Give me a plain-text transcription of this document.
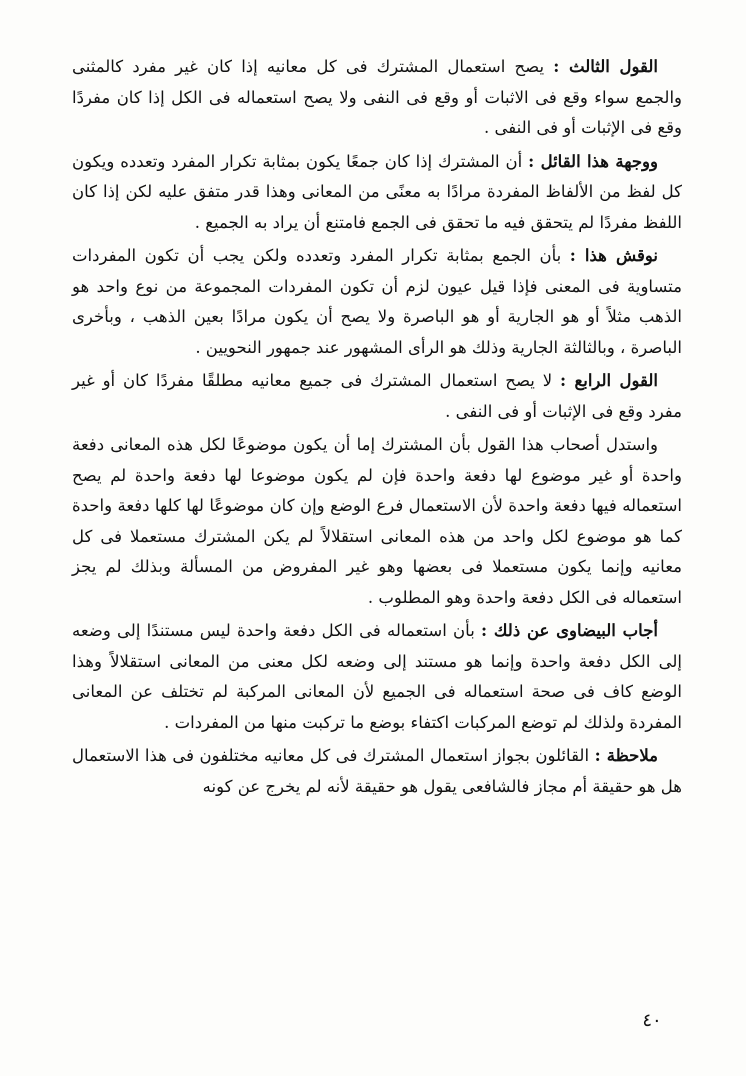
القول الثالث : يصح استعمال المشترك فى كل معانيه إذا كان غير مفرد كالمثنى والجمع سواء وقع فى الاثبات أو وقع فى النفى ولا يصح استعماله فى الكل إذا كان مفردًا وقع فى الإثبات أو فى النفى .

ووجهة هذا القائل : أن المشترك إذا كان جمعًا يكون بمثابة تكرار المفرد وتعدده ويكون كل لفظ من الألفاظ المفردة مرادًا به معنًى من المعانى وهذا قدر متفق عليه لكن إذا كان اللفظ مفردًا لم يتحقق فيه ما تحقق فى الجمع فامتنع أن يراد به الجميع .

نوقش هذا : بأن الجمع بمثابة تكرار المفرد وتعدده ولكن يجب أن تكون المفردات متساوية فى المعنى فإذا قيل عيون لزم أن تكون المفردات المجموعة من نوع واحد هو الذهب مثلاً أو هو الجارية أو هو الباصرة ولا يصح أن يكون مرادًا بعين الذهب ، وبأخرى الباصرة ، وبالثالثة الجارية وذلك هو الرأى المشهور عند جمهور النحويين .

القول الرابع : لا يصح استعمال المشترك فى جميع معانيه مطلقًا مفردًا كان أو غير مفرد وقع فى الإثبات أو فى النفى .

واستدل أصحاب هذا القول بأن المشترك إما أن يكون موضوعًا لكل هذه المعانى دفعة واحدة أو غير موضوع لها دفعة واحدة فإن لم يكون موضوعا لها دفعة واحدة لم يصح استعماله فيها دفعة واحدة لأن الاستعمال فرع الوضع وإن كان موضوعًا لها كلها دفعة واحدة كما هو موضوع لكل واحد من هذه المعانى استقلالاً لم يكن المشترك مستعملا فى كل معانيه وإنما يكون مستعملا فى بعضها وهو غير المفروض من المسألة وبذلك لم يجز استعماله فى الكل دفعة واحدة وهو المطلوب .

أجاب البيضاوى عن ذلك : بأن استعماله فى الكل دفعة واحدة ليس مستندًا إلى وضعه إلى الكل دفعة واحدة وإنما هو مستند إلى وضعه لكل معنى من المعانى استقلالاً وهذا الوضع كاف فى صحة استعماله فى الجميع لأن المعانى المركبة لم تختلف عن المعانى المفردة ولذلك لم توضع المركبات اكتفاء بوضع ما تركبت منها من المفردات .

ملاحظة : القائلون بجواز استعمال المشترك فى كل معانيه مختلفون فى هذا الاستعمال هل هو حقيقة أم مجاز فالشافعى يقول هو حقيقة لأنه لم يخرج عن كونه

٤٠
